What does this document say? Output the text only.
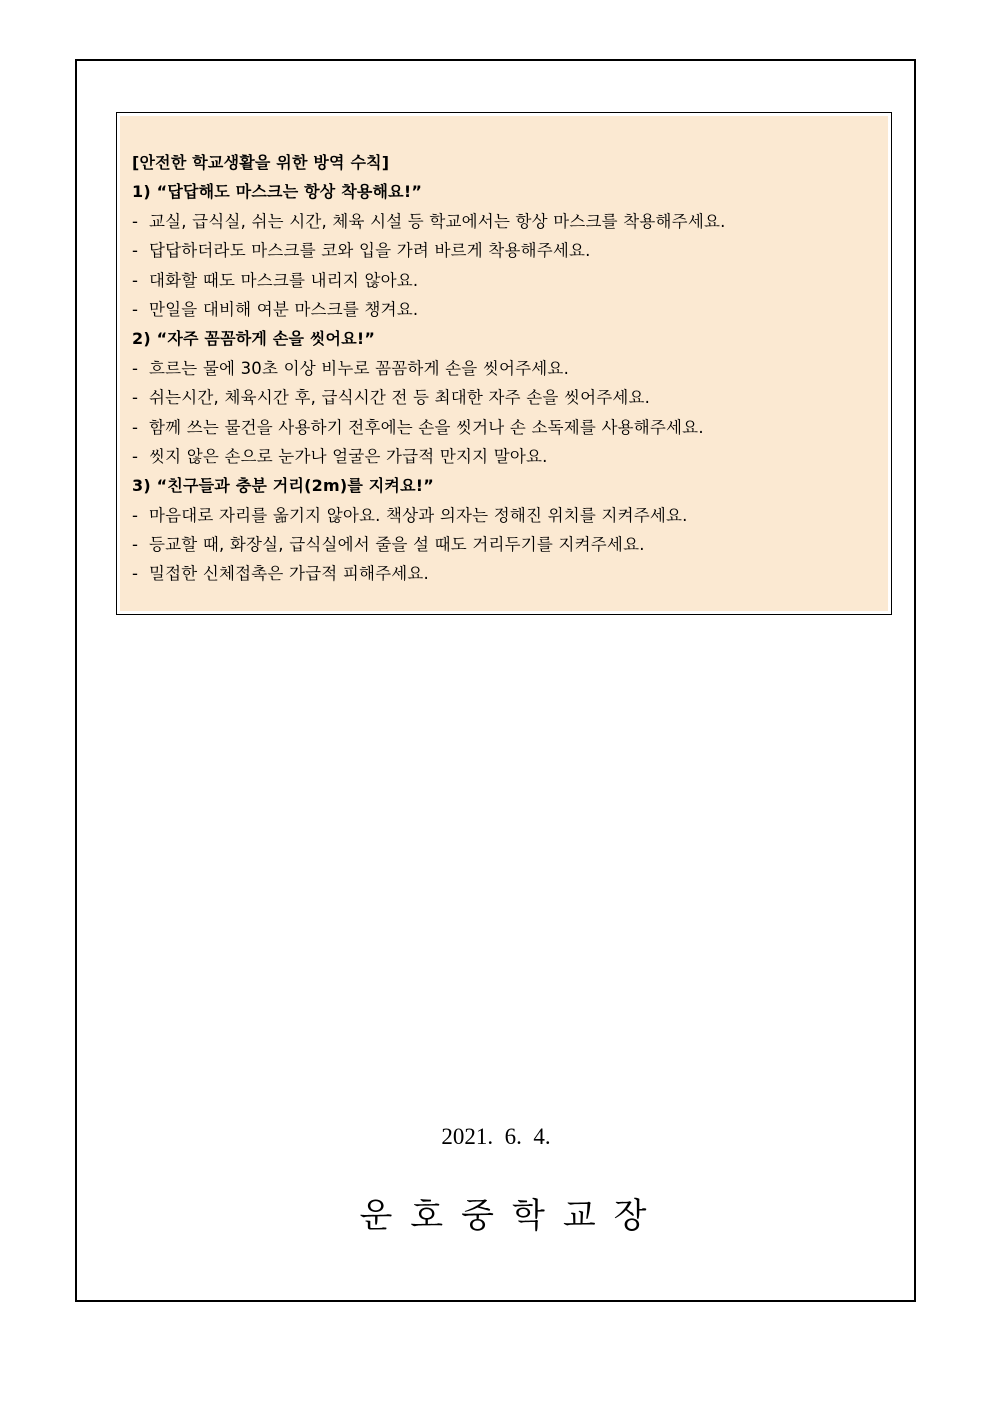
[안전한 학교생활을 위한 방역 수칙]
1) “답답해도 마스크는 항상 착용해요!”
- 교실, 급식실, 쉬는 시간, 체육 시설 등 학교에서는 항상 마스크를 착용해주세요.
- 답답하더라도 마스크를 코와 입을 가려 바르게 착용해주세요.
- 대화할 때도 마스크를 내리지 않아요.
- 만일을 대비해 여분 마스크를 챙겨요.
2) “자주 꼼꼼하게 손을 씻어요!”
- 흐르는 물에 30초 이상 비누로 꼼꼼하게 손을 씻어주세요.
- 쉬는시간, 체육시간 후, 급식시간 전 등 최대한 자주 손을 씻어주세요.
- 함께 쓰는 물건을 사용하기 전후에는 손을 씻거나 손 소독제를 사용해주세요.
- 씻지 않은 손으로 눈가나 얼굴은 가급적 만지지 말아요.
3) “친구들과 충분 거리(2m)를 지켜요!”
- 마음대로 자리를 옮기지 않아요. 책상과 의자는 정해진 위치를 지켜주세요.
- 등교할 때, 화장실, 급식실에서 줄을 설 때도 거리두기를 지켜주세요.
- 밀접한 신체접촉은 가급적 피해주세요.
2021.  6.  4.
운호중학교장
